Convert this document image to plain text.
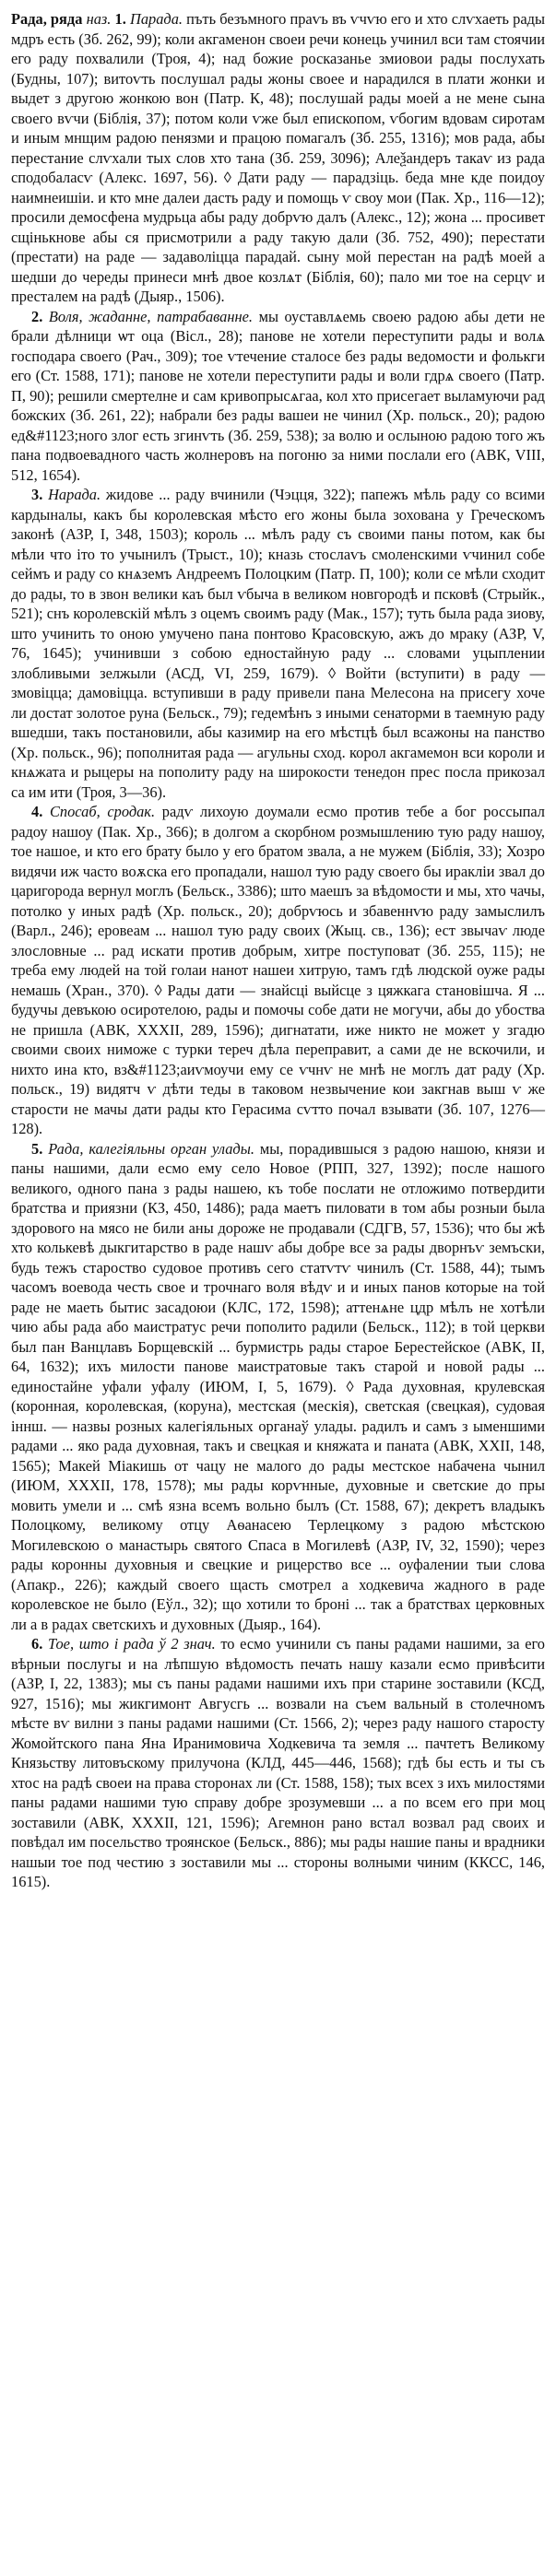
Рада, ряда наз. 1. Парада. пъть безъмного праѵь въ ѵчѵю его и хто слѵхаеть рады мдръ есть (Зб. 262, 99); коли акгаменон своеи речи конець учинил вси там стоячии его раду похвалили (Троя, 4); над божие росказанье змиовои рады послухать (Будны, 107); витоѵть послушал рады жоны своее и нарадился в плати жонки и выдет з другою жонкою вон (Патр. К, 48); послушай рады моей а не мене сына своего вѵчи (Біблія, 37); потом коли ѵже был епископом, ѵбогим вдовам сиротам и иным мнщим радою пенязми и працою помагалъ (Зб. 255, 1316); мов рада, абы перестание слѵхали тых слов хто тана (Зб. 259, 3096); Алеѯандеръ такаѵ из рада сподобаласѵ (Алекс. 1697, 56). ◊ Дати раду — парадзіць. беда мне кде поидоу наимнеишіи. и кто мне далеи дасть раду и помощь ѵ своу мои (Пак. Хр., 116—12); просили демосфена мудрьца абы раду добрѵю далъ (Алекс., 12); жона ... просивет сщінькнове абы ся присмотрили а раду такую дали (Зб. 752, 490); перестати (престати) на раде — задаволіцца парадай. сыну мой перестан на радѣ моей а шедши до череды принеси мнѣ двое козлѧт (Біблія, 60); пало ми тое на серцѵ и престалем на радѣ (Дыяр., 1506).

2. Воля, жаданне, патрабаванне. мы оуставлѧемь своею радою абы дети не брали дѣлници ѡт оца (Віcл., 28); панове не хотели переступити рады и волѧ господара своего (Рач., 309); тое ѵтечение сталосе без рады ведомости и фолькги его (Ст. 1588, 171); панове не хотели переступити рады и воли гдрѧ своего (Патр. П, 90); решили смертелне и сам кривопрысѧгаа, кол хто присегает выламуючи рад божских (Зб. 261, 22); набрали без рады вашеи не чинил (Хр. польск., 20); радою ед&#1123;ного злог есть згинѵть (Зб. 259, 538); за волю и ослыною радою того жъ пана подвоевадного часть жолнеровъ на погоню за ними послали его (АВК, VIII, 512, 1654).

3. Нарада. жидове ... раду вчинили (Чэцця, 322); папежъ мѣль раду со всими кардыналы, какъ бы королевская мѣсто его жоны была зохована у Греческомъ законѣ (АЗР, І, 348, 1503); король ... мѣлъ раду съ своими паны потом, как бы мѣли что іто то учынилъ (Трыст., 10); кназь стослаѵь смоленскими ѵчинил собе сеймъ и раду со кнѧземъ Андреемъ Полоцким (Патр. П, 100); коли се мѣли сходит до рады, то в звон велики каъ был ѵбыча в великом новгородѣ и псковѣ (Стрыйк., 521); снъ королевскій мѣлъ з оцемъ своимъ раду (Мак., 157); туть была рада зиову, што учинить то оною умучено пана понтово Красовскую, ажъ до мраку (АЗР, V, 76, 1645); учинивши з собою едностайную раду ... словами уцыплении злобливыми зелжыли (АСД, VI, 259, 1679). ◊ Войти (вступити) в раду — змовіцца; дамовіцца. вступивши в раду привели пана Мелесона на присегу хоче ли достат золотое руна (Бельск., 79); гедемѣнъ з иными сенаторми в таемную раду вшедши, такъ постановили, абы казимир на его мѣстцѣ был всажоны на панство (Хр. польск., 96); пополнитая рада — агульны сход. корол акгамемон вси короли и кнѧжата и рыцеры на пополиту раду на широкости тенедон прес посла прикозал са им ити (Троя, 3—36).

4. Спосаб, сродак. радѵ лихоую доумали есмо против тебе а бог россыпал радоу нашоу (Пак. Хр., 366); в долгом а скорбном розмышлению тую раду нашоу, тое нашое, и кто его брату было у его братом звала, а не мужем (Біблія, 33); Хозро видячи иж часто воѫска его пропадали, нашол тую раду своего бы иракліи звал до царигорода вернул моглъ (Бельск., 3386); што маешъ за вѣдомости и мы, хто чачы, потолко у иных радѣ (Хр. польск., 20); добрѵюсь и збавеннѵю раду замыслилъ (Варл., 246); еровеам ... нашол тую раду своих (Жыц. св., 136); ест звычаѵ люде злословные ... рад искати против добрым, хитре поступоват (Зб. 255, 115); не треба ему людей на той голаи нанот нашеи хитрую, тамъ гдѣ людской оуже рады немашь (Хран., 370). ◊ Рады дати — знайсці выйсце з цяжкага становішча. Я ... будучы девъкою осиротелою, рады и помочы собе дати не могучи, абы до убоства не пришла (АВК, XXXII, 289, 1596); дигнатати, иже никто не может у згадю своими своих ниможе с турки тереч дѣла переправит, а сами де не вскочили, и нихто ина кто, вз&#1123;аиѵмоучи ему се ѵчнѵ не мнѣ не моглъ дат раду (Хр. польск., 19) видятч ѵ дѣти теды в таковом незвычение кои закгнав выш ѵ же старости не мачы дати рады кто Герасима сѵтто почал взывати (Зб. 107, 1276—128).

5. Рада, калегіяльны орган улады. мы, порадившыся з радою нашою, князи и паны нашими, дали есмо ему село Новое (РПП, 327, 1392); после нашого великого, одного пана з рады нашею, къ тобе послати не отложимо потвердити братства и приязни (КЗ, 450, 1486); рада маетъ пиловати в том абы розныи была здорового на мясо не били аны дороже не продавали (СДГВ, 57, 1536); что бы жѣ хто колькевѣ дыкгитарство в раде нашѵ абы добре все за рады дворнъѵ земъски, будь тежъ староство судовое противъ сего статѵтѵ чинилъ (Ст. 1588, 44); тымъ часомъ воевода честь свое и трочнаго воля вѣдѵ и и иных панов которые на той раде не маеть бытис засадоюи (КЛС, 172, 1598); аттенѧне цдр мѣлъ не хотѣли чию абы рада або маистратус речи пополито радили (Бельск., 112); в той церкви был пан Ванцлавъ Борщевскій ... бурмистрь рады старое Берестейское (АВК, II, 64, 1632); ихъ милости панове маистратовые такъ старой и новой рады ... единостайне уфали уфалу (ИЮМ, I, 5, 1679). ◊ Рада духовная, крулевская (коронная, королевская, (коруна), местская (мескія), светская (свецкая), судовая іннш. — назвы розных калегіяльных органаў улады. радилъ и самъ з ыменшими радами ... яко рада духовная, такъ и свецкая и княжата и паната (АВК, ХХІІ, 148, 1565); Макей Міакишь от чацу не малого до рады местское набачена чынил (ИЮМ, ХХХІІ, 178, 1578); мы рады корѵнные, духовные и светские до пры мовить умели и ... смѣ язна всемъ вольно былъ (Ст. 1588, 67); декретъ владыкъ Полоцкому, великому отцу Аѳанасею Терлецкому з радою мѣстскою Могилевскою о манастырь святого Спаса в Могилевѣ (АЗР, IV, 32, 1590); через рады коронны духовныя и свецкие и рицерство все ... оуфалении тыи слова (Апакр., 226); каждый своего щасть смотрел а ходкевича жадного в раде королевское не было (Еўл., 32); що хотили то броні ... так а братствах церковных ли а в радах светскихъ и духовных (Дыяр., 164).

6. Тое, што і рада ў 2 знач. то есмо учинили съ паны радами нашими, за его вѣрныи послугы и на лѣпшую вѣдомость печать нашу казали есмо привѣсити (АЗР, І, 22, 1383); мы съ паны радами нашими ихъ при старине зоставили (КСД, 927, 1516); мы жикгимонт Авгусгь ... возвали на съем вальный в столечномъ мѣсте вѵ вилни з паны радами нашими (Ст. 1566, 2); через раду нашого старосту Жомойтского пана Яна Иранимовича Ходкевича та земля ... пачтетъ Великому Князьству литовъскому прилучона (КЛД, 445—446, 1568); гдѣ бы есть и ты съ хтос на радѣ своеи на права сторонах ли (Ст. 1588, 158); тых всех з ихъ милостями паны радами нашими тую справу добре зрозумевши ... а по всем его при моц зоставили (АВК, ХХХІІ, 121, 1596); Агемнон рано встал возвал рад своих и повѣдал им посельство троянское (Бельск., 886); мы рады нашие паны и врадники нашыи тое под честию з зоставили мы ... стороны волными чиним (ККСС, 146, 1615).
